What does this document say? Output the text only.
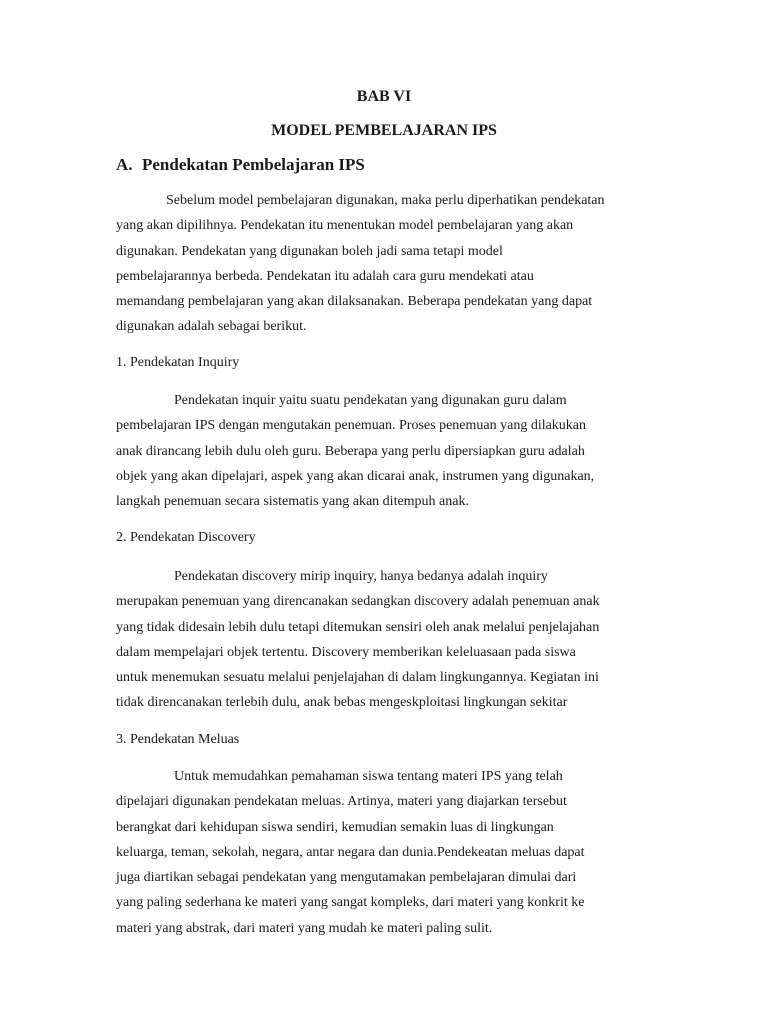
BAB VI
MODEL PEMBELAJARAN IPS
A. Pendekatan Pembelajaran IPS

Sebelum model pembelajaran digunakan, maka perlu diperhatikan pendekatan
yang akan dipilihnya. Pendekatan itu menentukan model pembelajaran yang akan
digunakan. Pendekatan yang digunakan boleh jadi sama tetapi model
pembelajarannya berbeda. Pendekatan itu adalah cara guru mendekati atau
memandang pembelajaran yang akan dilaksanakan. Beberapa pendekatan yang dapat
digunakan adalah sebagai berikut.

1. Pendekatan Inquiry

Pendekatan inquir yaitu suatu pendekatan yang digunakan guru dalam
pembelajaran IPS dengan mengutakan penemuan. Proses penemuan yang dilakukan
anak dirancang lebih dulu oleh guru. Beberapa yang perlu dipersiapkan guru adalah
objek yang akan dipelajari, aspek yang akan dicarai anak, instrumen yang digunakan,
langkah penemuan secara sistematis yang akan ditempuh anak.

2. Pendekatan Discovery

Pendekatan discovery mirip inquiry, hanya bedanya adalah inquiry
merupakan penemuan yang direncanakan sedangkan discovery adalah penemuan anak
yang tidak didesain lebih dulu tetapi ditemukan sensiri oleh anak melalui penjelajahan
dalam mempelajari objek tertentu. Discovery memberikan keleluasaan pada siswa
untuk menemukan sesuatu melalui penjelajahan di dalam lingkungannya. Kegiatan ini
tidak direncanakan terlebih dulu, anak bebas mengeskploitasi lingkungan sekitar

3. Pendekatan Meluas

Untuk memudahkan pemahaman siswa tentang materi IPS yang telah
dipelajari digunakan pendekatan meluas. Artinya, materi yang diajarkan tersebut
berangkat dari kehidupan siswa sendiri, kemudian semakin luas di lingkungan
keluarga, teman, sekolah, negara, antar negara dan dunia.Pendekeatan meluas dapat
juga diartikan sebagai pendekatan yang mengutamakan pembelajaran dimulai dari
yang paling sederhana ke materi yang sangat kompleks, dari materi yang konkrit ke
materi yang abstrak, dari materi yang mudah ke materi paling sulit.
